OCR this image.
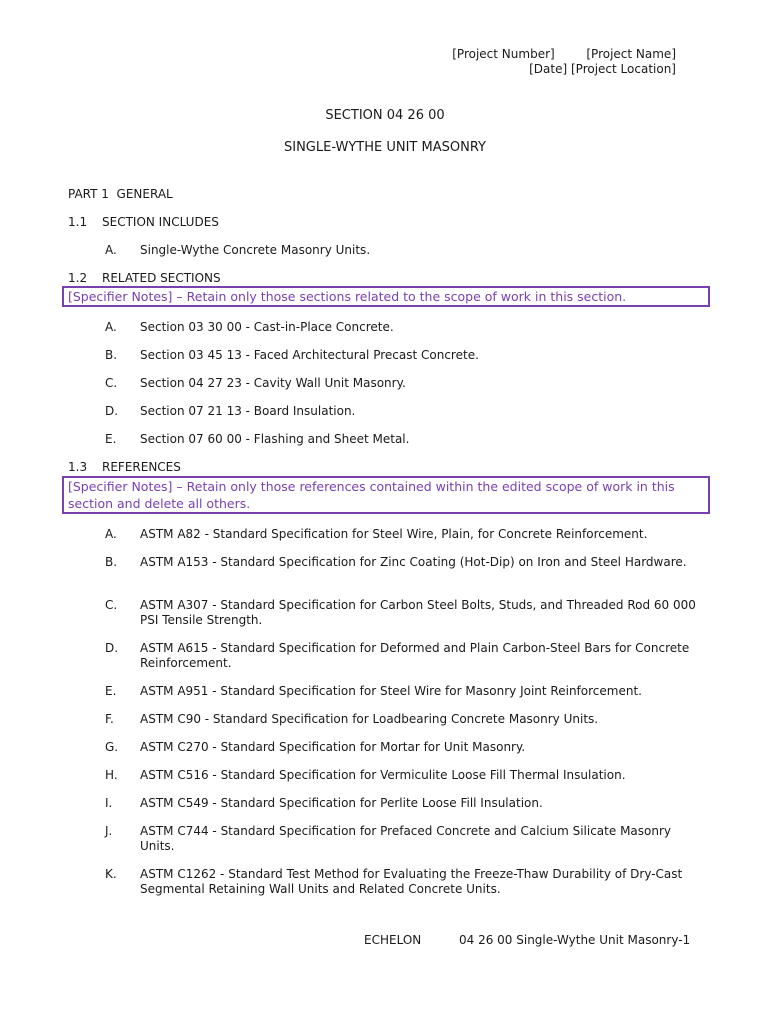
[Project Number]	[Project Name]
[Date] [Project Location]
SECTION 04 26 00
SINGLE-WYTHE UNIT MASONRY
PART 1  GENERAL
1.1 SECTION INCLUDES
A. Single-Wythe Concrete Masonry Units.
1.2 RELATED SECTIONS
[Specifier Notes] – Retain only those sections related to the scope of work in this section.
A. Section 03 30 00 - Cast-in-Place Concrete.
B. Section 03 45 13 - Faced Architectural Precast Concrete.
C. Section 04 27 23 - Cavity Wall Unit Masonry.
D. Section 07 21 13 - Board Insulation.
E. Section 07 60 00 - Flashing and Sheet Metal.
1.3 REFERENCES
[Specifier Notes] – Retain only those references contained within the edited scope of work in this section and delete all others.
A. ASTM A82 - Standard Specification for Steel Wire, Plain, for Concrete Reinforcement.
B. ASTM A153 - Standard Specification for Zinc Coating (Hot-Dip) on Iron and Steel Hardware.
C. ASTM A307 - Standard Specification for Carbon Steel Bolts, Studs, and Threaded Rod 60 000 PSI Tensile Strength.
D. ASTM A615 - Standard Specification for Deformed and Plain Carbon-Steel Bars for Concrete Reinforcement.
E. ASTM A951 - Standard Specification for Steel Wire for Masonry Joint Reinforcement.
F. ASTM C90 - Standard Specification for Loadbearing Concrete Masonry Units.
G. ASTM C270 - Standard Specification for Mortar for Unit Masonry.
H. ASTM C516 - Standard Specification for Vermiculite Loose Fill Thermal Insulation.
I. ASTM C549 - Standard Specification for Perlite Loose Fill Insulation.
J. ASTM C744 - Standard Specification for Prefaced Concrete and Calcium Silicate Masonry Units.
K. ASTM C1262 - Standard Test Method for Evaluating the Freeze-Thaw Durability of Dry-Cast Segmental Retaining Wall Units and Related Concrete Units.
ECHELON	04 26 00 Single-Wythe Unit Masonry-1
